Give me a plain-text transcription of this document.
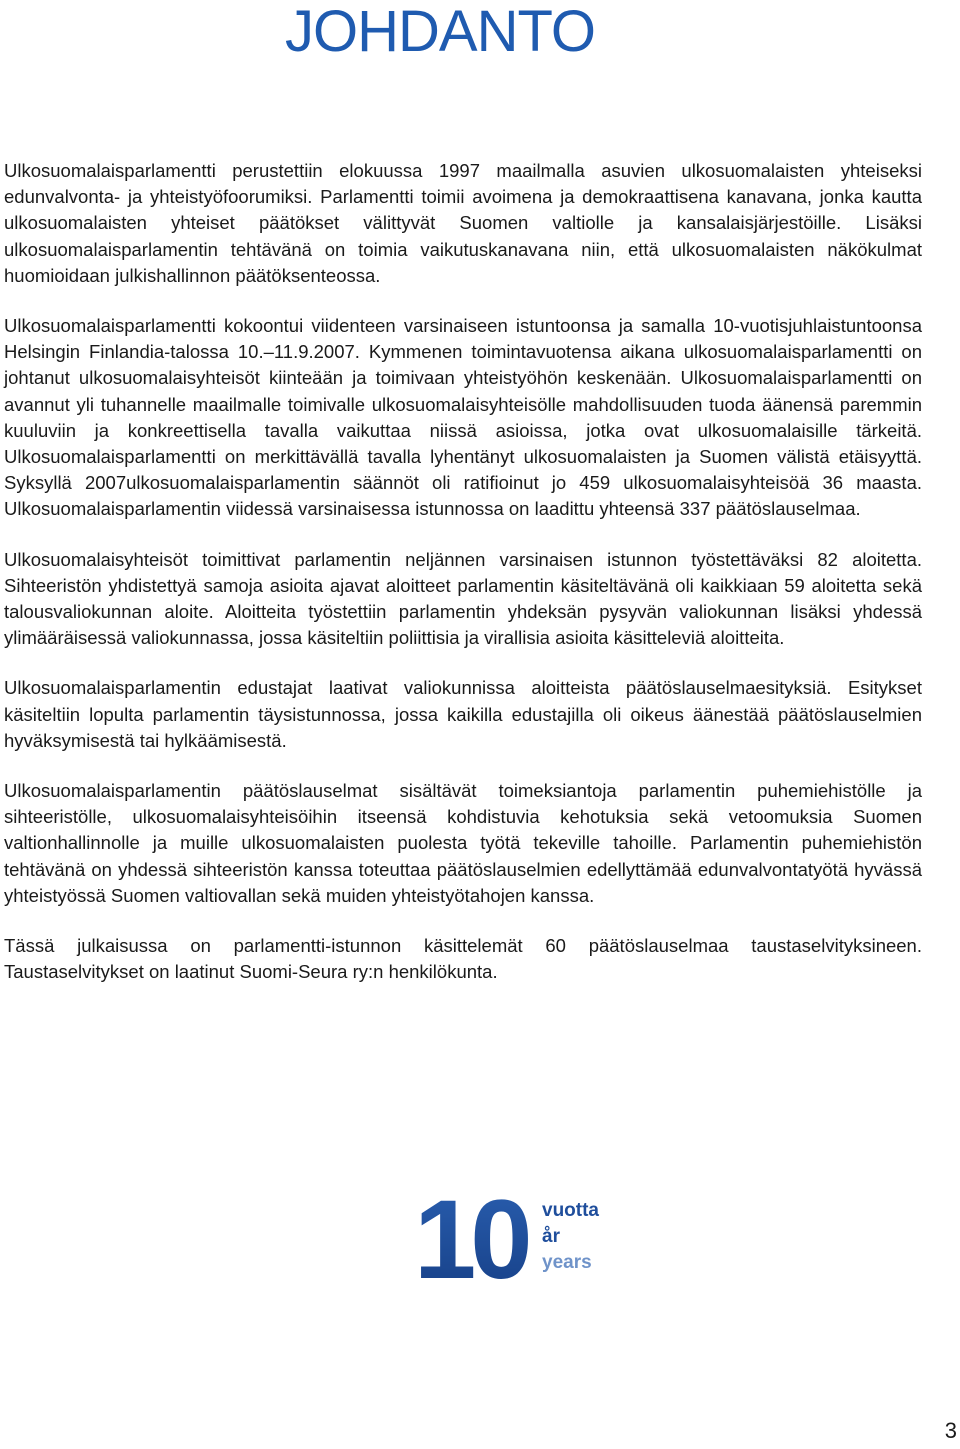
JOHDANTO

Ulkosuomalaisparlamentti perustettiin elokuussa 1997 maailmalla asuvien ulkosuomalaisten yhteiseksi edunvalvonta- ja yhteistyöfoorumiksi. Parlamentti toimii avoimena ja demokraattisena kanavana, jonka kautta ulkosuomalaisten yhteiset päätökset välittyvät Suomen valtiolle ja kansalaisjärjestöille. Lisäksi ulkosuomalaisparlamentin tehtävänä on toimia vaikutuskanavana niin, että ulkosuomalaisten näkökulmat huomioidaan julkishallinnon päätöksenteossa.

Ulkosuomalaisparlamentti kokoontui viidenteen varsinaiseen istuntoonsa ja samalla 10-vuotisjuhlaistuntoonsa Helsingin Finlandia-talossa 10.–11.9.2007. Kymmenen toimintavuotensa aikana ulkosuomalaisparlamentti on johtanut ulkosuomalaisyhteisöt kiinteään ja toimivaan yhteistyöhön keskenään. Ulkosuomalaisparlamentti on avannut yli tuhannelle maailmalle toimivalle ulkosuomalaisyhteisölle mahdollisuuden tuoda äänensä paremmin kuuluviin ja konkreettisella tavalla vaikuttaa niissä asioissa, jotka ovat ulkosuomalaisille tärkeitä. Ulkosuomalaisparlamentti on merkittävällä tavalla lyhentänyt ulkosuomalaisten ja Suomen välistä etäisyyttä. Syksyllä 2007ulkosuomalaisparlamentin säännöt oli ratifioinut jo 459 ulkosuomalaisyhteisöä 36 maasta. Ulkosuomalaisparlamentin viidessä varsinaisessa istunnossa on laadittu yhteensä 337 päätöslauselmaa.

Ulkosuomalaisyhteisöt toimittivat parlamentin neljännen varsinaisen istunnon työstettäväksi 82 aloitetta. Sihteeristön yhdistettyä samoja asioita ajavat aloitteet parlamentin käsiteltävänä oli kaikkiaan 59 aloitetta sekä talousvaliokunnan aloite. Aloitteita työstettiin parlamentin yhdeksän pysyvän valiokunnan lisäksi yhdessä ylimääräisessä valiokunnassa, jossa käsiteltiin poliittisia ja virallisia asioita käsitteleviä aloitteita.

Ulkosuomalaisparlamentin edustajat laativat valiokunnissa aloitteista päätöslauselmaesityksiä. Esitykset käsiteltiin lopulta parlamentin täysistunnossa, jossa kaikilla edustajilla oli oikeus äänestää päätöslauselmien hyväksymisestä tai hylkäämisestä.

Ulkosuomalaisparlamentin päätöslauselmat sisältävät toimeksiantoja parlamentin puhemiehistölle ja sihteeristölle, ulkosuomalaisyhteisöihin itseensä kohdistuvia kehotuksia sekä vetoomuksia Suomen valtionhallinnolle ja muille ulkosuomalaisten puolesta työtä tekeville tahoille. Parlamentin puhemiehistön tehtävänä on yhdessä sihteeristön kanssa toteuttaa päätöslauselmien edellyttämää edunvalvontatyötä hyvässä yhteistyössä Suomen valtiovallan sekä muiden yhteistyötahojen kanssa.

Tässä julkaisussa on parlamentti-istunnon käsittelemät 60 päätöslauselmaa taustaselvityksineen. Taustaselvitykset on laatinut Suomi-Seura ry:n henkilökunta.

10 vuotta
år
years
3
